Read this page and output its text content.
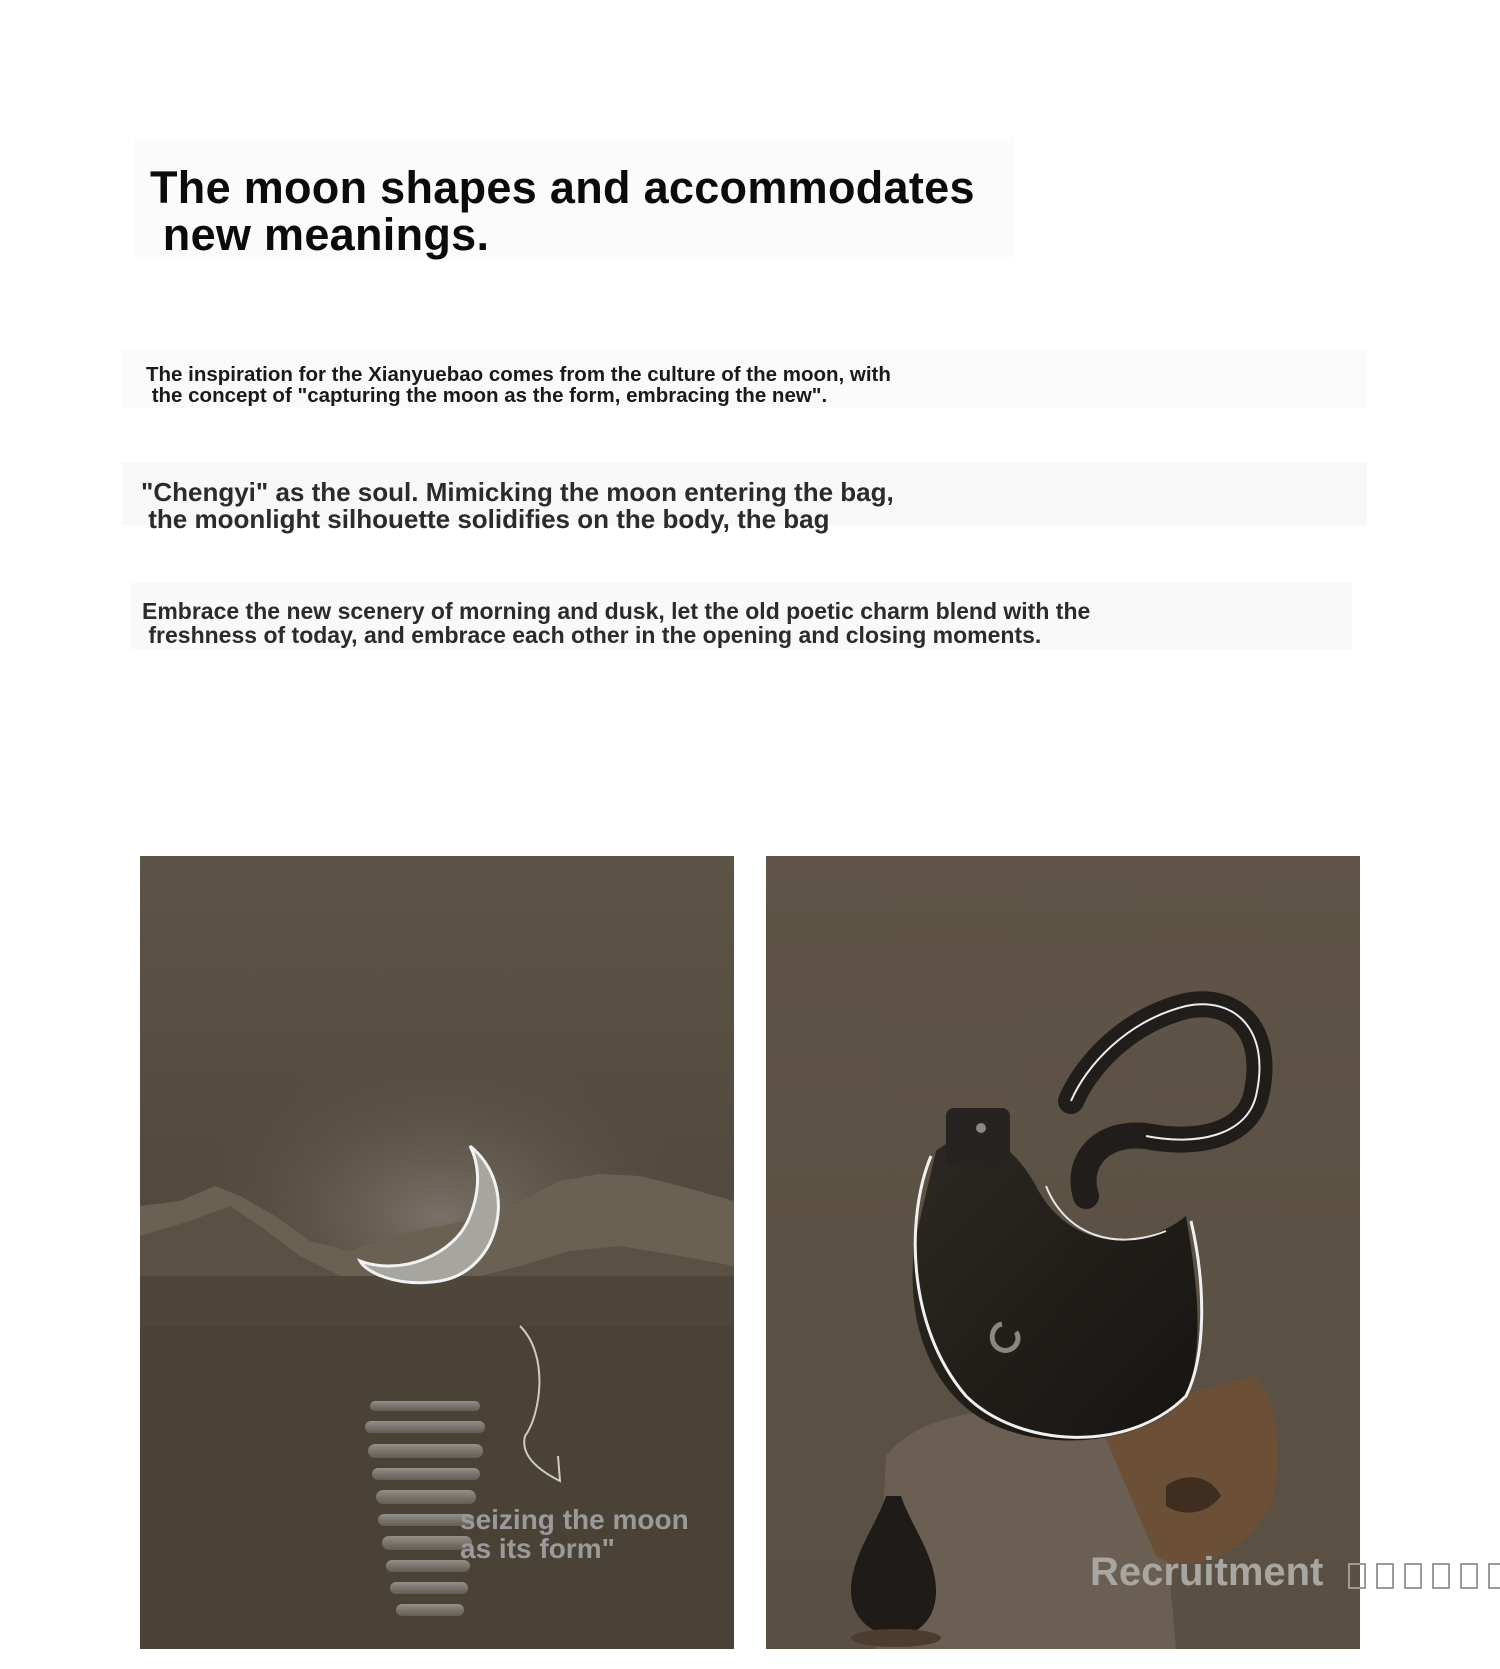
The moon shapes and accommodates
new meanings.

The inspiration for the Xianyuebao comes from the culture of the moon, with
the concept of "capturing the moon as the form, embracing the new".

"Chengyi" as the soul. Mimicking the moon entering the bag,
the moonlight silhouette solidifies on the body, the bag

Embrace the new scenery of morning and dusk, let the old poetic charm blend with the
freshness of today, and embrace each other in the opening and closing moments.

seizing the moon
as its form"
Recruitment
